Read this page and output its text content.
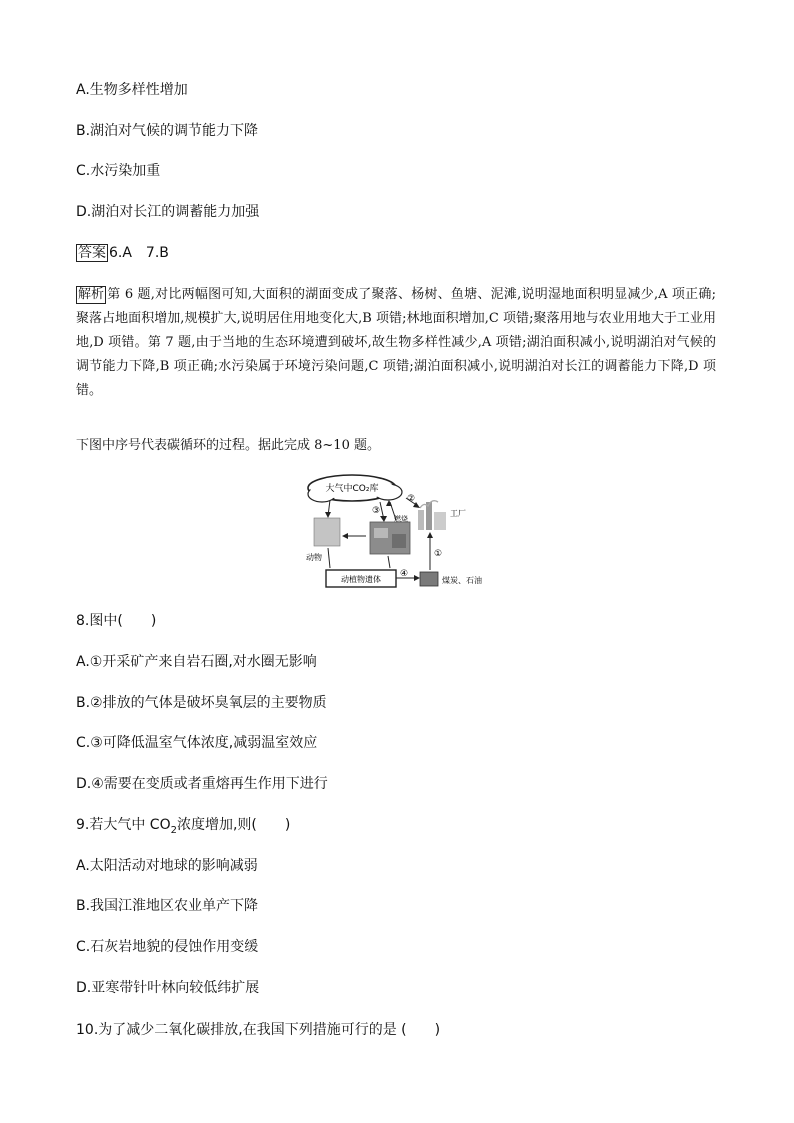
A.生物多样性增加
B.湖泊对气候的调节能力下降
C.水污染加重
D.湖泊对长江的调蓄能力加强
答案 6.A　7.B
解析 第 6 题,对比两幅图可知,大面积的湖面变成了聚落、杨树、鱼塘、泥滩,说明湿地面积明显减少,A 项正确;聚落占地面积增加,规模扩大,说明居住用地变化大,B 项错;林地面积增加,C 项错;聚落用地与农业用地大于工业用地,D 项错。第 7 题,由于当地的生态环境遭到破坏,故生物多样性减少,A 项错;湖泊面积减小,说明湖泊对气候的调节能力下降,B 项正确;水污染属于环境污染问题,C 项错;湖泊面积减小,说明湖泊对长江的调蓄能力下降,D 项错。
下图中序号代表碳循环的过程。据此完成 8~10 题。
大气中CO₂库
工厂
燃烧
动物
动植物遗体	煤炭、石油
②
③
①
④
8.图中(　　)
A.①开采矿产来自岩石圈,对水圈无影响
B.②排放的气体是破坏臭氧层的主要物质
C.③可降低温室气体浓度,减弱温室效应
D.④需要在变质或者重熔再生作用下进行
9.若大气中 $CO_2$浓度增加,则(　　)
A.太阳活动对地球的影响减弱
B.我国江淮地区农业单产下降
C.石灰岩地貌的侵蚀作用变缓
D.亚寒带针叶林向较低纬扩展
10.为了减少二氧化碳排放,在我国下列措施可行的是 (　　)
